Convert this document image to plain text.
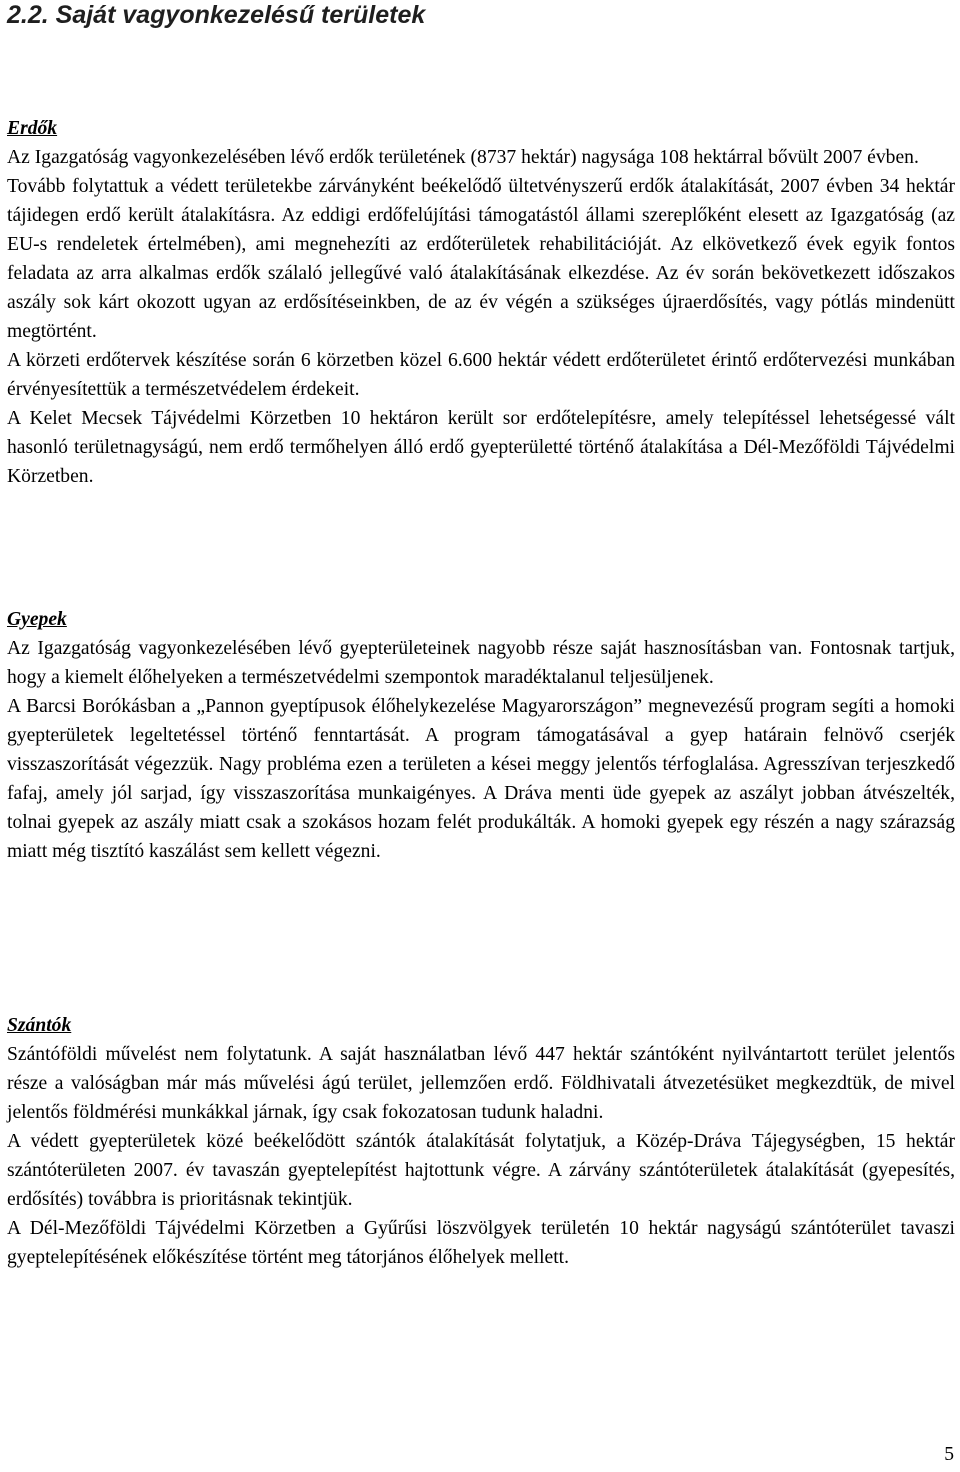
2.2. Saját vagyonkezelésű területek

Erdők

Az Igazgatóság vagyonkezelésében lévő erdők területének (8737 hektár) nagysága 108 hektárral bővült 2007 évben.

Tovább folytattuk a védett területekbe zárványként beékelődő ültetvényszerű erdők átalakítását, 2007 évben 34 hektár tájidegen erdő került átalakításra. Az eddigi erdőfelújítási támogatástól állami szereplőként elesett az Igazgatóság (az EU-s rendeletek értelmében), ami megnehezíti az erdőterületek rehabilitációját. Az elkövetkező évek egyik fontos feladata az arra alkalmas erdők szálaló jellegűvé való átalakításának elkezdése. Az év során bekövetkezett időszakos aszály sok kárt okozott ugyan az erdősítéseinkben, de az év végén a szükséges újraerdősítés, vagy pótlás mindenütt megtörtént.

A körzeti erdőtervek készítése során 6 körzetben közel 6.600 hektár védett erdőterületet érintő erdőtervezési munkában érvényesítettük a természetvédelem érdekeit.

A Kelet Mecsek Tájvédelmi Körzetben 10 hektáron került sor erdőtelepítésre, amely telepítéssel lehetségessé vált hasonló területnagyságú, nem erdő termőhelyen álló erdő gyepterületté történő átalakítása a Dél-Mezőföldi Tájvédelmi Körzetben.

Gyepek

Az Igazgatóság vagyonkezelésében lévő gyepterületeinek nagyobb része saját hasznosításban van. Fontosnak tartjuk, hogy a kiemelt élőhelyeken a természetvédelmi szempontok maradéktalanul teljesüljenek.

A Barcsi Borókásban a „Pannon gyeptípusok élőhelykezelése Magyarországon” megnevezésű program segíti a homoki gyepterületek legeltetéssel történő fenntartását. A program támogatásával a gyep határain felnövő cserjék visszaszorítását végezzük. Nagy probléma ezen a területen a kései meggy jelentős térfoglalása. Agresszívan terjeszkedő fafaj, amely jól sarjad, így visszaszorítása munkaigényes. A Dráva menti üde gyepek az aszályt jobban átvészelték, tolnai gyepek az aszály miatt csak a szokásos hozam felét produkálták. A homoki gyepek egy részén a nagy szárazság miatt még tisztító kaszálást sem kellett végezni.

Szántók

Szántóföldi művelést nem folytatunk. A saját használatban lévő 447 hektár szántóként nyilvántartott terület jelentős része a valóságban már más művelési ágú terület, jellemzően erdő. Földhivatali átvezetésüket megkezdtük, de mivel jelentős földmérési munkákkal járnak, így csak fokozatosan tudunk haladni.

A védett gyepterületek közé beékelődött szántók átalakítását folytatjuk, a Közép-Dráva Tájegységben, 15 hektár szántóterületen 2007. év tavaszán gyeptelepítést hajtottunk végre. A zárvány szántóterületek átalakítását (gyepesítés, erdősítés) továbbra is prioritásnak tekintjük.

A Dél-Mezőföldi Tájvédelmi Körzetben a Gyűrűsi löszvölgyek területén 10 hektár nagyságú szántóterület tavaszi gyeptelepítésének előkészítése történt meg tátorjános élőhelyek mellett.

5
